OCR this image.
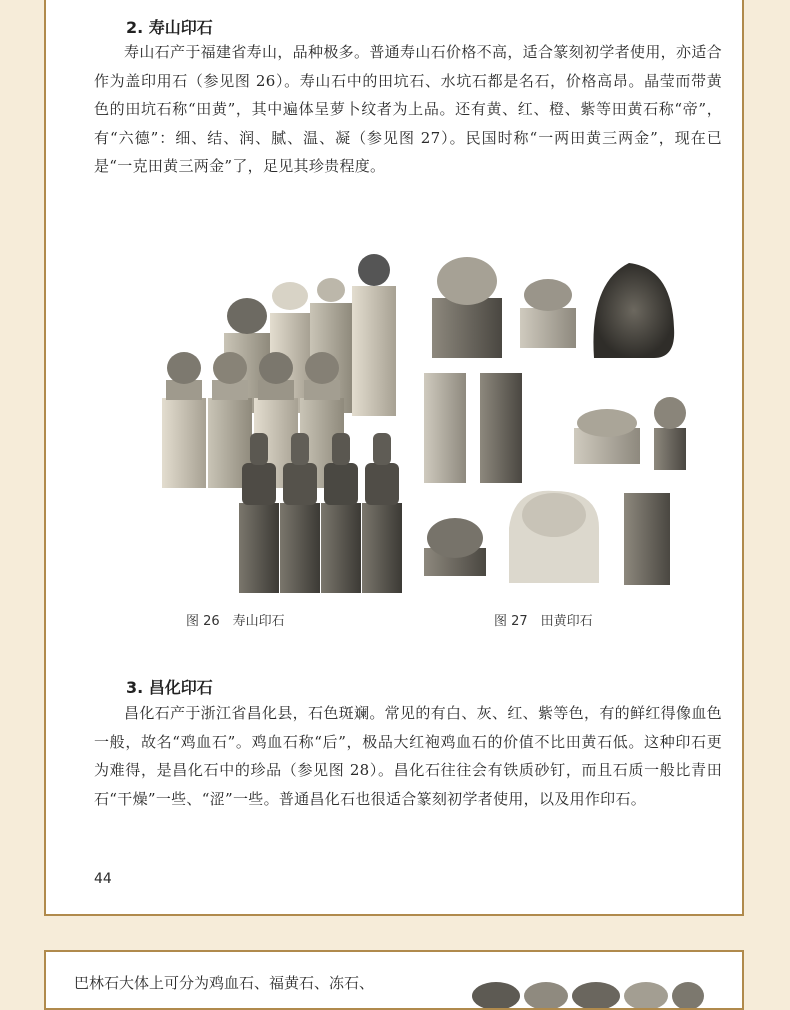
2. 寿山印石

寿山石产于福建省寿山，品种极多。普通寿山石价格不高，适合篆刻初学者使用，亦适合作为盖印用石（参见图 26）。寿山石中的田坑石、水坑石都是名石，价格高昂。晶莹而带黄色的田坑石称“田黄”，其中遍体呈萝卜纹者为上品。还有黄、红、橙、紫等田黄石称“帝”，有“六德”：细、结、润、腻、温、凝（参见图 27）。民国时称“一两田黄三两金”，现在已是“一克田黄三两金”了，足见其珍贵程度。

图 26　寿山印石	图 27　田黄印石
3. 昌化印石

昌化石产于浙江省昌化县，石色斑斓。常见的有白、灰、红、紫等色，有的鲜红得像血色一般，故名“鸡血石”。鸡血石称“后”，极品大红袍鸡血石的价值不比田黄石低。这种印石更为难得，是昌化石中的珍品（参见图 28）。昌化石往往会有铁质砂钉，而且石质一般比青田石“干燥”一些、“涩”一些。普通昌化石也很适合篆刻初学者使用，以及用作印石。

44
巴林石大体上可分为鸡血石、福黄石、冻石、
